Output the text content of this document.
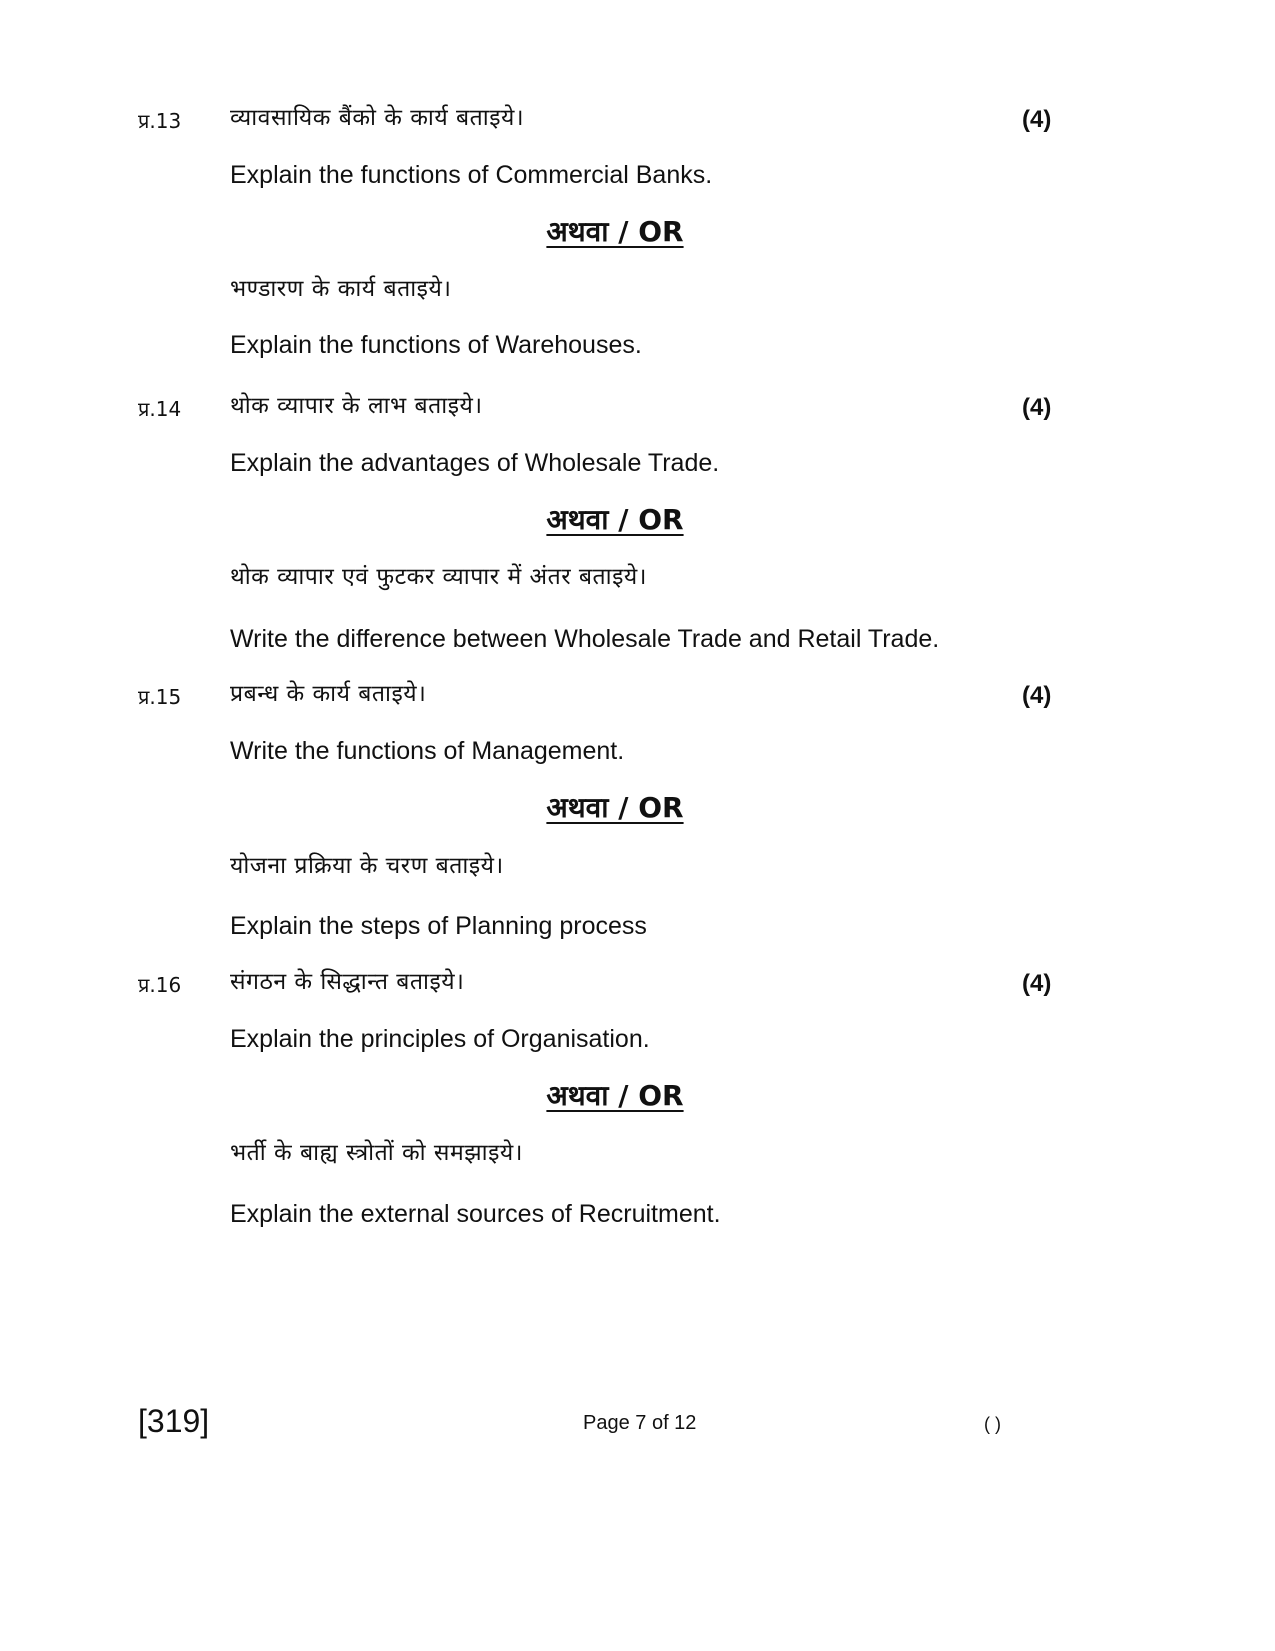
प्र.13 व्यावसायिक बैंको के कार्य बताइये।	(4)
Explain the functions of Commercial Banks.
अथवा / OR
भण्डारण के कार्य बताइये।
Explain the functions of Warehouses.
प्र.14 थोक व्यापार के लाभ बताइये।	(4)
Explain the advantages of Wholesale Trade.
अथवा / OR
थोक व्यापार एवं फुटकर व्यापार में अंतर बताइये।
Write the difference between Wholesale Trade and Retail Trade.
प्र.15 प्रबन्ध के कार्य बताइये।	(4)
Write the functions of Management.
अथवा / OR
योजना प्रक्रिया के चरण बताइये।
Explain the steps of Planning process
प्र.16 संगठन के सिद्धान्त बताइये।	(4)
Explain the principles of Organisation.
अथवा / OR
भर्ती के बाह्य स्त्रोतों को समझाइये।
Explain the external sources of Recruitment.
[319]	Page 7 of 12	( )
